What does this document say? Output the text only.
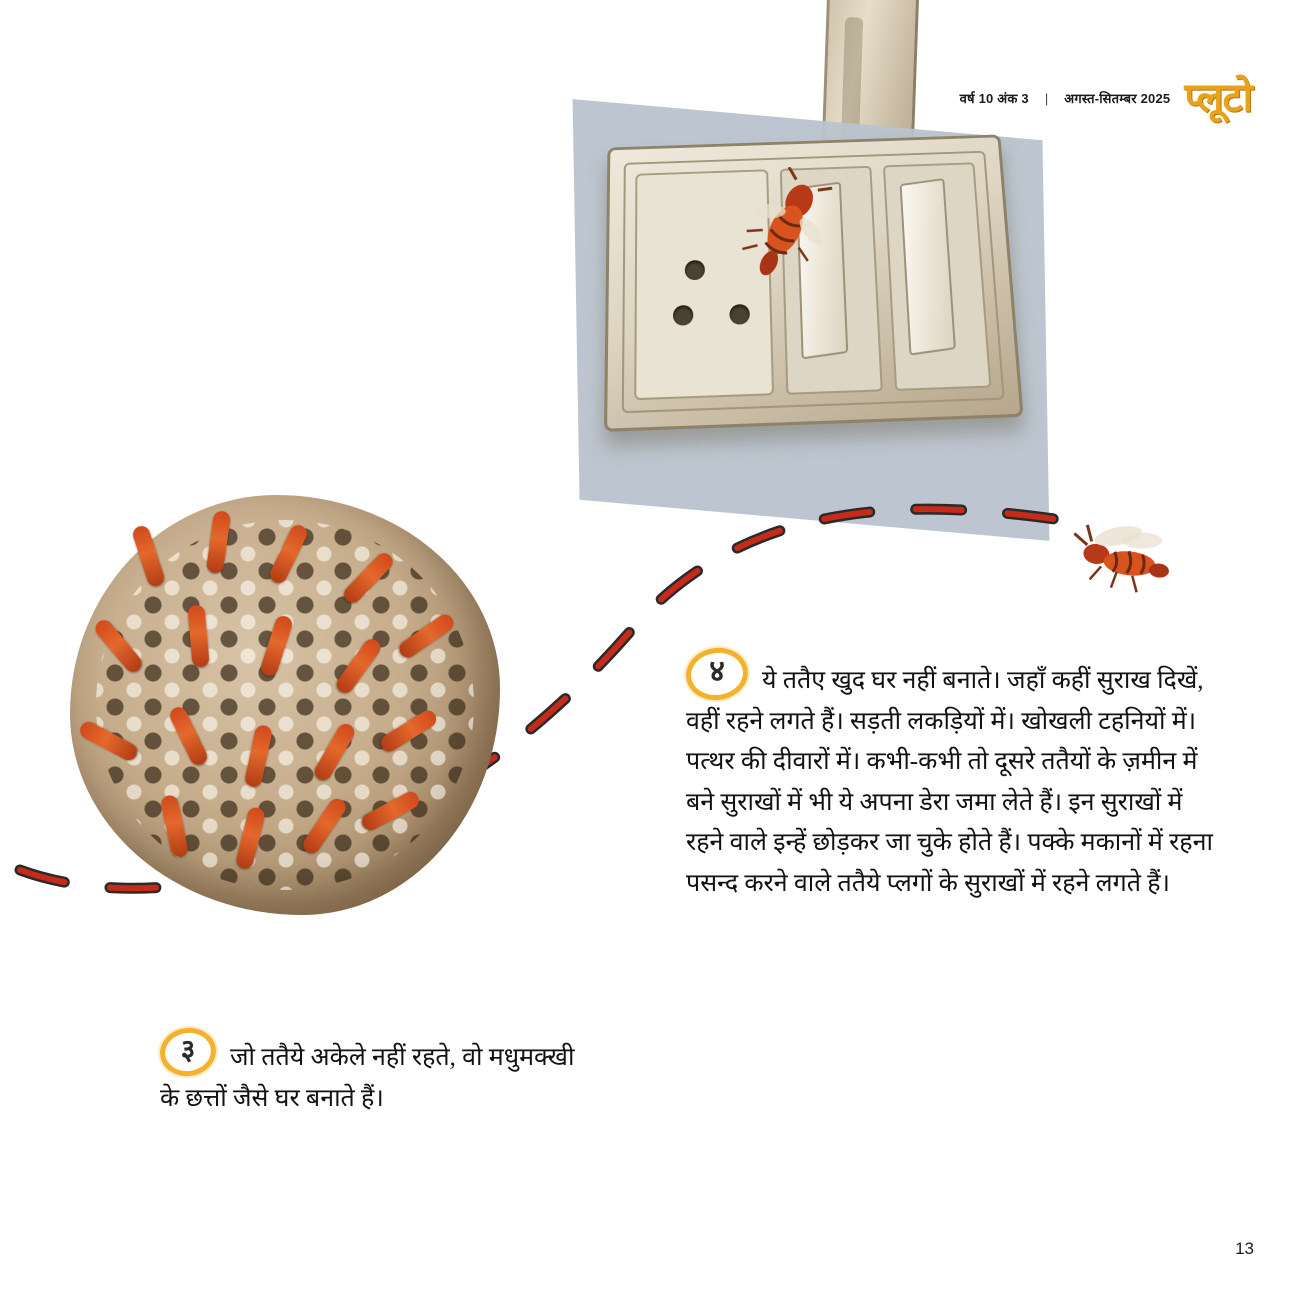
वर्ष 10 अंक 3 | अगस्त-सितम्बर 2025 प्लूटो

४	ये ततैए खुद घर नहीं बनाते। जहाँ कहीं सुराख दिखें, वहीं रहने लगते हैं। सड़ती लकड़ियों में। खोखली टहनियों में। पत्थर की दीवारों में। कभी-कभी तो दूसरे ततैयों के ज़मीन में बने सुराखों में भी ये अपना डेरा जमा लेते हैं। इन सुराखों में रहने वाले इन्हें छोड़कर जा चुके होते हैं। पक्के मकानों में रहना पसन्द करने वाले ततैये प्लगों के सुराखों में रहने लगते हैं।

३	जो ततैये अकेले नहीं रहते, वो मधुमक्खी के छत्तों जैसे घर बनाते हैं।

13
